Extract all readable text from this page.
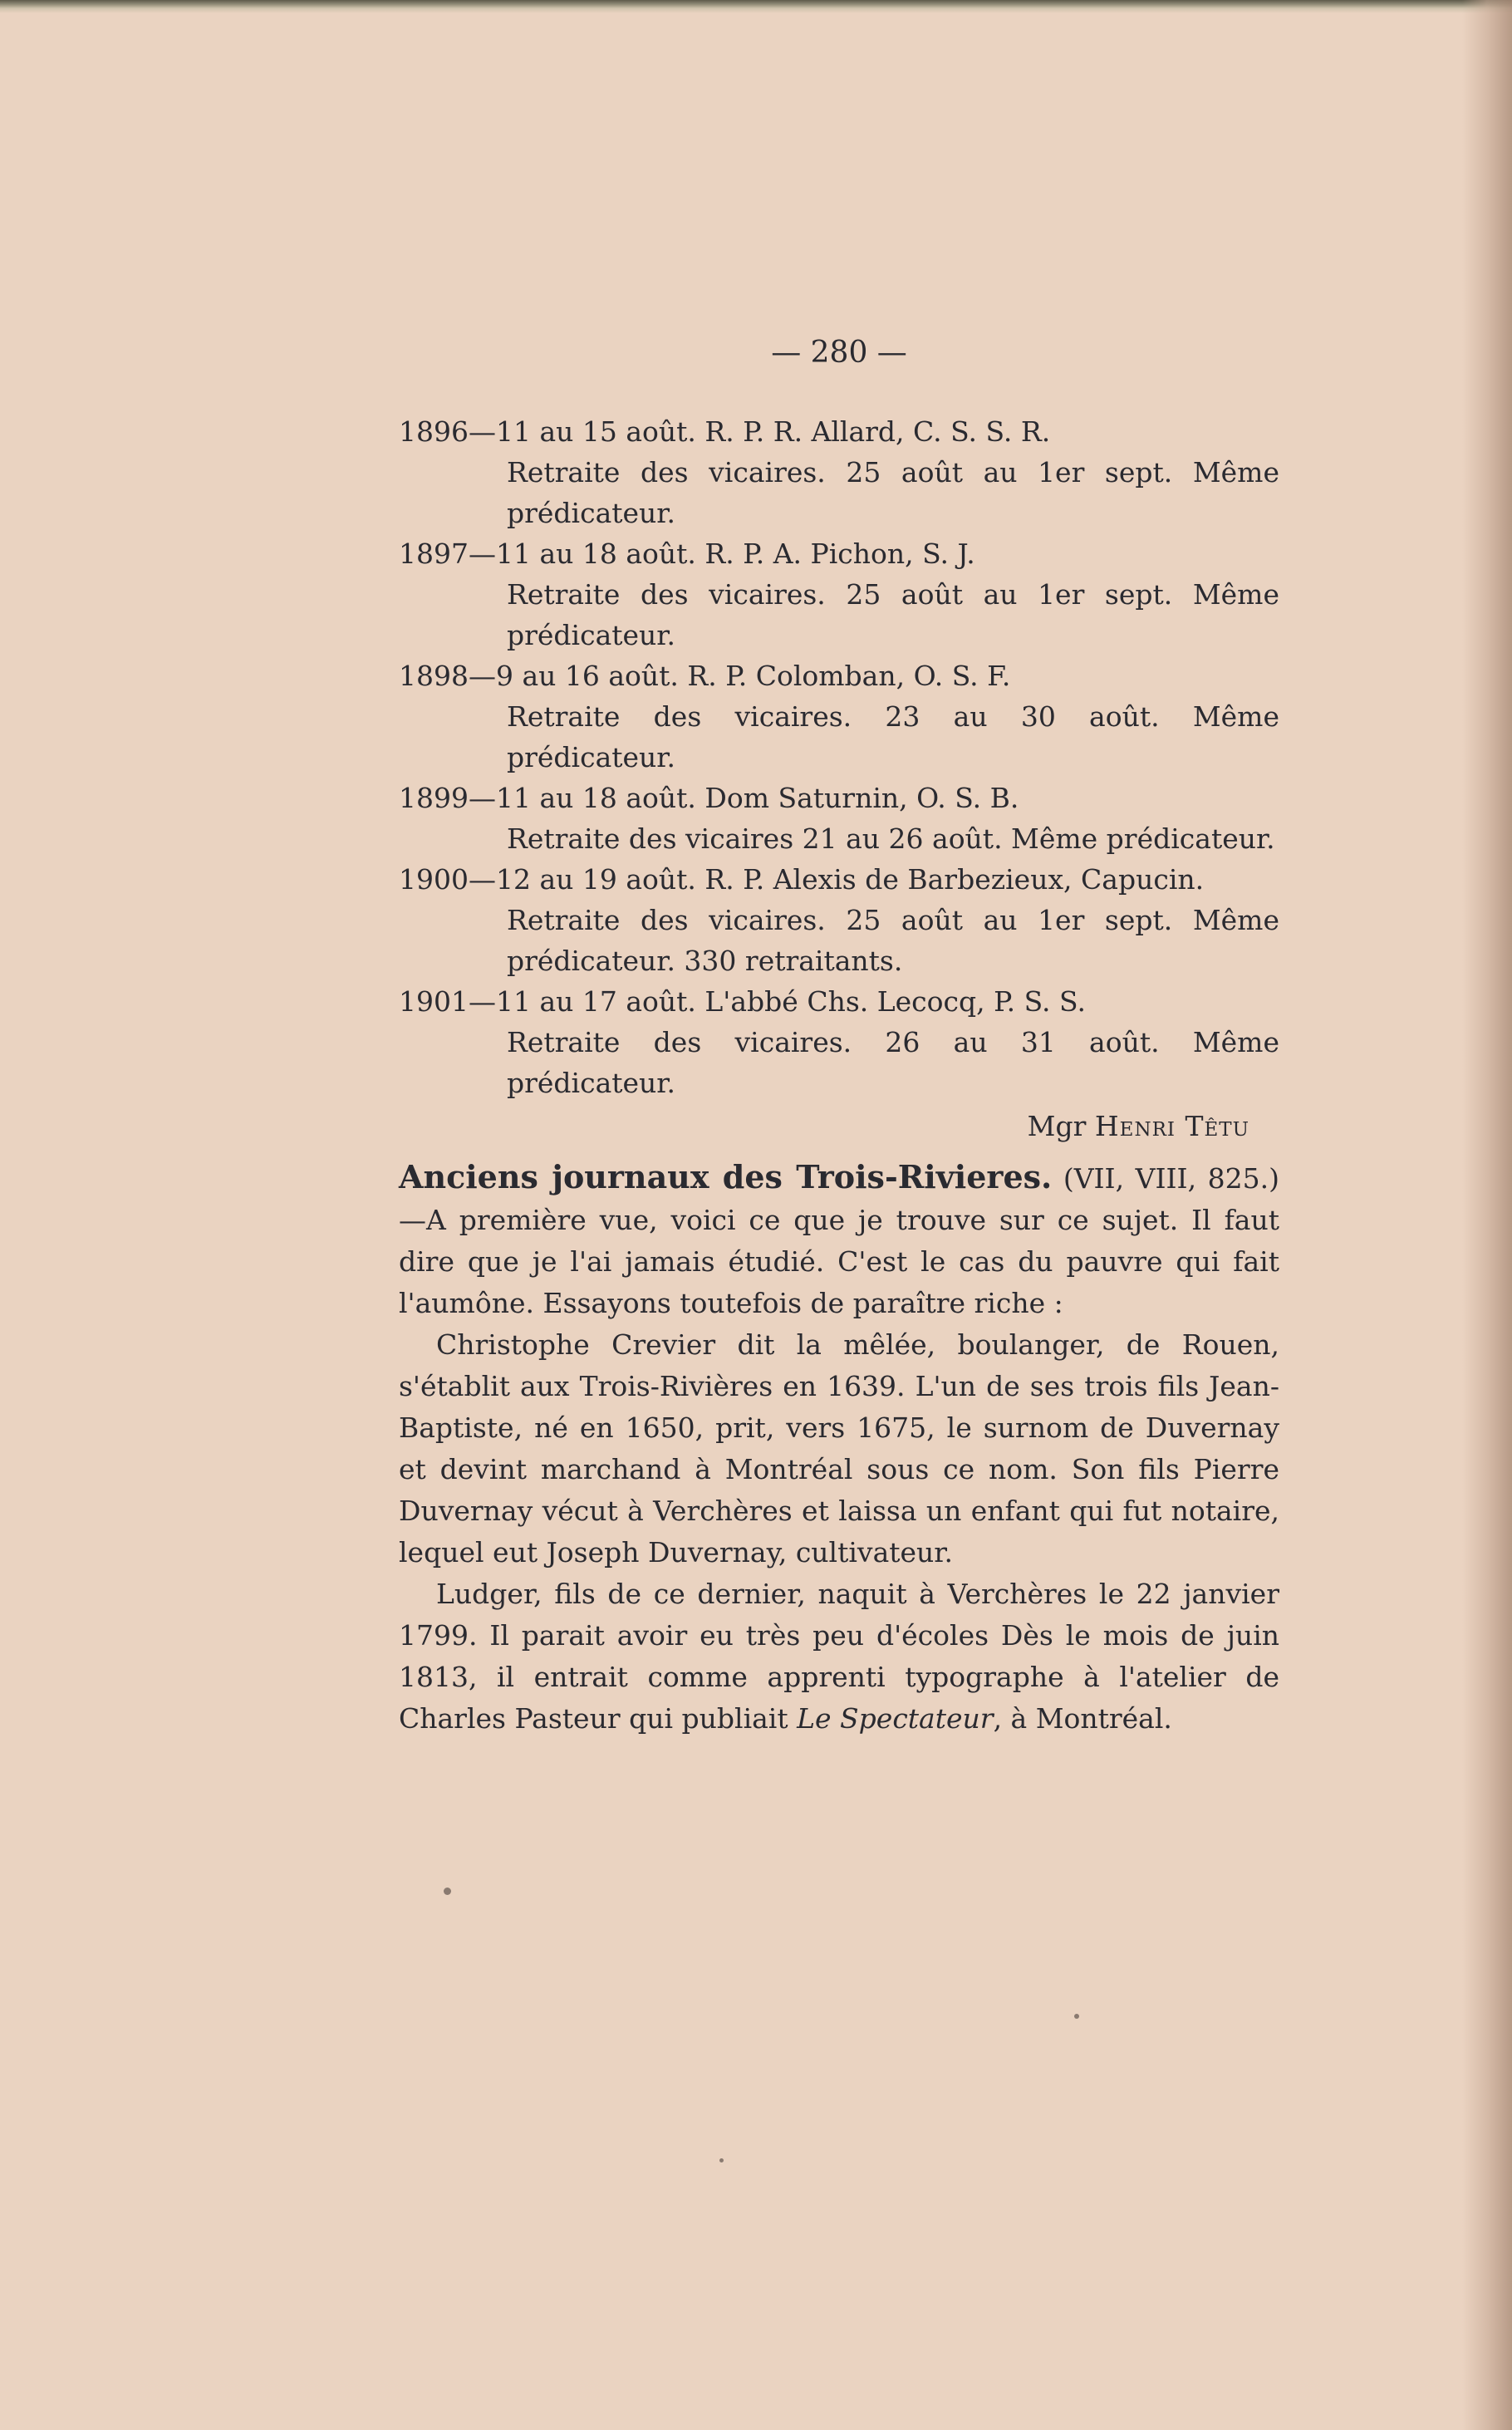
— 280 —
1896—11 au 15 août. R. P. R. Allard, C. S. S. R.
Retraite des vicaires. 25 août au 1er sept. Même prédicateur.
1897—11 au 18 août. R. P. A. Pichon, S. J.
Retraite des vicaires. 25 août au 1er sept. Même prédicateur.
1898—9 au 16 août. R. P. Colomban, O. S. F.
Retraite des vicaires. 23 au 30 août. Même prédicateur.
1899—11 au 18 août. Dom Saturnin, O. S. B.
Retraite des vicaires 21 au 26 août. Même prédicateur.
1900—12 au 19 août. R. P. Alexis de Barbezieux, Capucin.
Retraite des vicaires. 25 août au 1er sept. Même prédicateur. 330 retraitants.
1901—11 au 17 août. L'abbé Chs. Lecocq, P. S. S.
Retraite des vicaires. 26 au 31 août. Même prédicateur.
Mgr Henri Têtu

Anciens journaux des Trois-Rivieres. (VII, VIII, 825.)—A première vue, voici ce que je trouve sur ce sujet. Il faut dire que je l'ai jamais étudié. C'est le cas du pauvre qui fait l'aumône. Essayons toutefois de paraître riche :

Christophe Crevier dit la mêlée, boulanger, de Rouen, s'établit aux Trois-Rivières en 1639. L'un de ses trois fils Jean-Baptiste, né en 1650, prit, vers 1675, le surnom de Duvernay et devint marchand à Montréal sous ce nom. Son fils Pierre Duvernay vécut à Verchères et laissa un enfant qui fut notaire, lequel eut Joseph Duvernay, cultivateur.

Ludger, fils de ce dernier, naquit à Verchères le 22 janvier 1799. Il parait avoir eu très peu d'écoles Dès le mois de juin 1813, il entrait comme apprenti typographe à l'atelier de Charles Pasteur qui publiait Le Spectateur, à Montréal.
